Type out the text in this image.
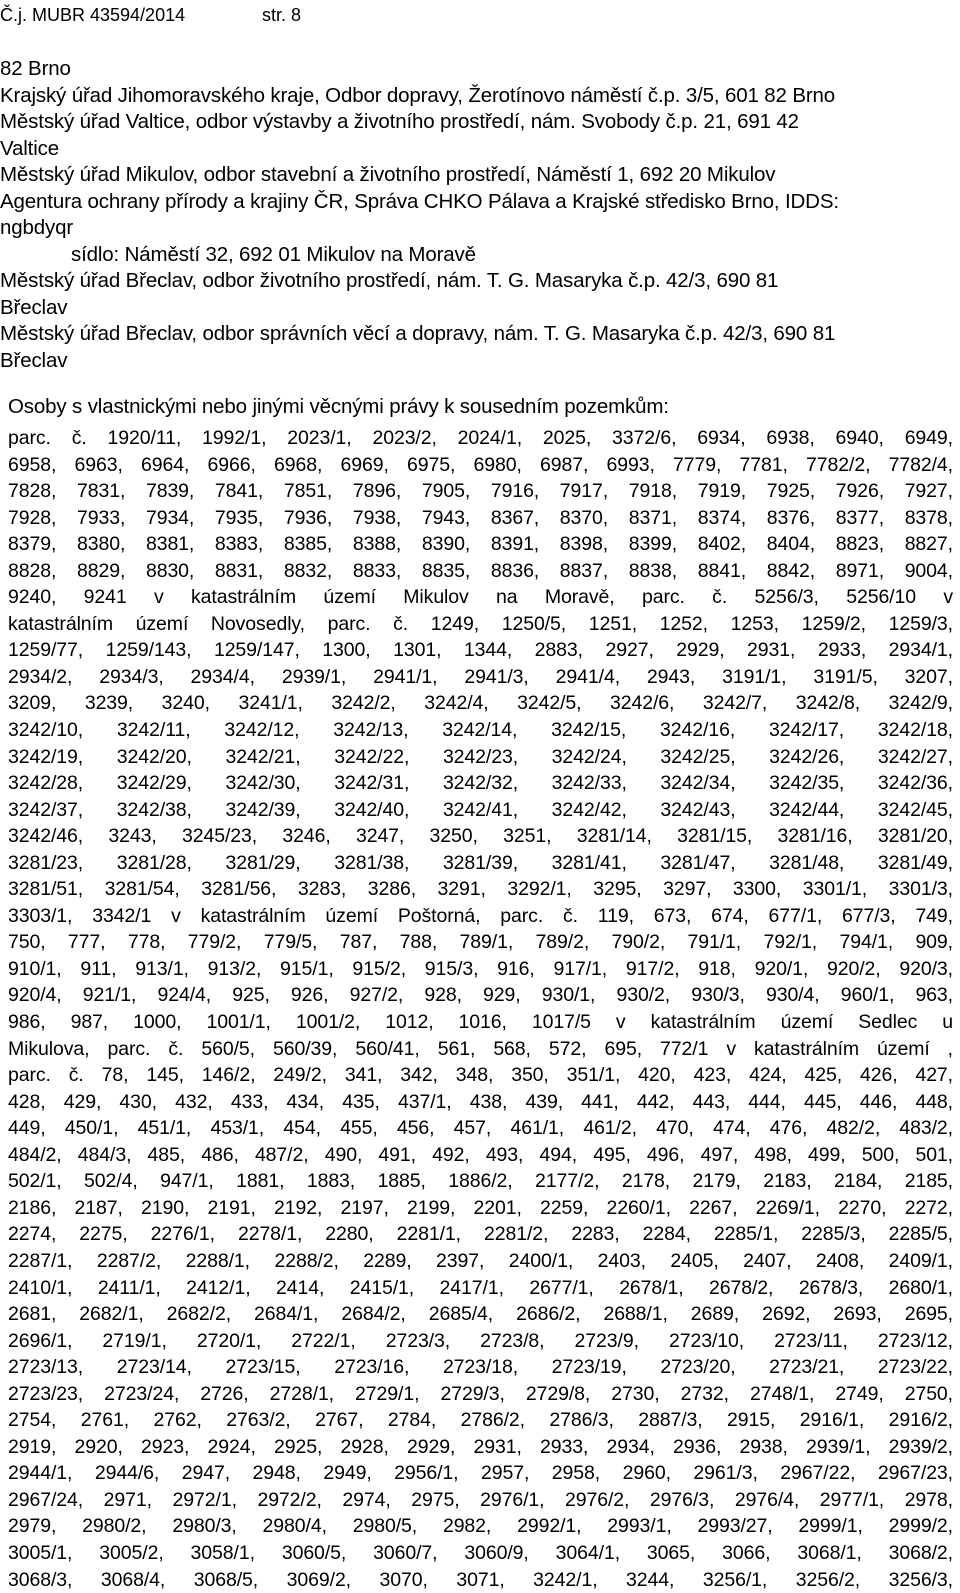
Č.j. MUBR 43594/2014	str. 8
82 Brno
Krajský úřad Jihomoravského kraje, Odbor dopravy, Žerotínovo náměstí č.p. 3/5, 601 82 Brno
Městský úřad Valtice, odbor výstavby a životního prostředí, nám. Svobody č.p. 21, 691 42
Valtice
Městský úřad Mikulov, odbor stavební a životního prostředí, Náměstí 1, 692 20 Mikulov
Agentura ochrany přírody a krajiny ČR, Správa CHKO Pálava a Krajské středisko Brno, IDDS:
ngbdyqr
sídlo: Náměstí 32, 692 01 Mikulov na Moravě
Městský úřad Břeclav, odbor životního prostředí, nám. T. G. Masaryka č.p. 42/3, 690 81
Břeclav
Městský úřad Břeclav, odbor správních věcí a dopravy, nám. T. G. Masaryka č.p. 42/3, 690 81
Břeclav
Osoby s vlastnickými nebo jinými věcnými právy k sousedním pozemkům:
parc. č. 1920/11, 1992/1, 2023/1, 2023/2, 2024/1, 2025, 3372/6, 6934, 6938, 6940, 6949,
6958, 6963, 6964, 6966, 6968, 6969, 6975, 6980, 6987, 6993, 7779, 7781, 7782/2, 7782/4,
7828, 7831, 7839, 7841, 7851, 7896, 7905, 7916, 7917, 7918, 7919, 7925, 7926, 7927,
7928, 7933, 7934, 7935, 7936, 7938, 7943, 8367, 8370, 8371, 8374, 8376, 8377, 8378,
8379, 8380, 8381, 8383, 8385, 8388, 8390, 8391, 8398, 8399, 8402, 8404, 8823, 8827,
8828, 8829, 8830, 8831, 8832, 8833, 8835, 8836, 8837, 8838, 8841, 8842, 8971, 9004,
9240, 9241 v katastrálním území Mikulov na Moravě, parc. č. 5256/3, 5256/10 v
katastrálním území Novosedly, parc. č. 1249, 1250/5, 1251, 1252, 1253, 1259/2, 1259/3,
1259/77, 1259/143, 1259/147, 1300, 1301, 1344, 2883, 2927, 2929, 2931, 2933, 2934/1,
2934/2, 2934/3, 2934/4, 2939/1, 2941/1, 2941/3, 2941/4, 2943, 3191/1, 3191/5, 3207,
3209, 3239, 3240, 3241/1, 3242/2, 3242/4, 3242/5, 3242/6, 3242/7, 3242/8, 3242/9,
3242/10, 3242/11, 3242/12, 3242/13, 3242/14, 3242/15, 3242/16, 3242/17, 3242/18,
3242/19, 3242/20, 3242/21, 3242/22, 3242/23, 3242/24, 3242/25, 3242/26, 3242/27,
3242/28, 3242/29, 3242/30, 3242/31, 3242/32, 3242/33, 3242/34, 3242/35, 3242/36,
3242/37, 3242/38, 3242/39, 3242/40, 3242/41, 3242/42, 3242/43, 3242/44, 3242/45,
3242/46, 3243, 3245/23, 3246, 3247, 3250, 3251, 3281/14, 3281/15, 3281/16, 3281/20,
3281/23, 3281/28, 3281/29, 3281/38, 3281/39, 3281/41, 3281/47, 3281/48, 3281/49,
3281/51, 3281/54, 3281/56, 3283, 3286, 3291, 3292/1, 3295, 3297, 3300, 3301/1, 3301/3,
3303/1, 3342/1 v katastrálním území Poštorná, parc. č. 119, 673, 674, 677/1, 677/3, 749,
750, 777, 778, 779/2, 779/5, 787, 788, 789/1, 789/2, 790/2, 791/1, 792/1, 794/1, 909,
910/1, 911, 913/1, 913/2, 915/1, 915/2, 915/3, 916, 917/1, 917/2, 918, 920/1, 920/2, 920/3,
920/4, 921/1, 924/4, 925, 926, 927/2, 928, 929, 930/1, 930/2, 930/3, 930/4, 960/1, 963,
986, 987, 1000, 1001/1, 1001/2, 1012, 1016, 1017/5 v katastrálním území Sedlec u
Mikulova, parc. č. 560/5, 560/39, 560/41, 561, 568, 572, 695, 772/1 v katastrálním území ,
parc. č. 78, 145, 146/2, 249/2, 341, 342, 348, 350, 351/1, 420, 423, 424, 425, 426, 427,
428, 429, 430, 432, 433, 434, 435, 437/1, 438, 439, 441, 442, 443, 444, 445, 446, 448,
449, 450/1, 451/1, 453/1, 454, 455, 456, 457, 461/1, 461/2, 470, 474, 476, 482/2, 483/2,
484/2, 484/3, 485, 486, 487/2, 490, 491, 492, 493, 494, 495, 496, 497, 498, 499, 500, 501,
502/1, 502/4, 947/1, 1881, 1883, 1885, 1886/2, 2177/2, 2178, 2179, 2183, 2184, 2185,
2186, 2187, 2190, 2191, 2192, 2197, 2199, 2201, 2259, 2260/1, 2267, 2269/1, 2270, 2272,
2274, 2275, 2276/1, 2278/1, 2280, 2281/1, 2281/2, 2283, 2284, 2285/1, 2285/3, 2285/5,
2287/1, 2287/2, 2288/1, 2288/2, 2289, 2397, 2400/1, 2403, 2405, 2407, 2408, 2409/1,
2410/1, 2411/1, 2412/1, 2414, 2415/1, 2417/1, 2677/1, 2678/1, 2678/2, 2678/3, 2680/1,
2681, 2682/1, 2682/2, 2684/1, 2684/2, 2685/4, 2686/2, 2688/1, 2689, 2692, 2693, 2695,
2696/1, 2719/1, 2720/1, 2722/1, 2723/3, 2723/8, 2723/9, 2723/10, 2723/11, 2723/12,
2723/13, 2723/14, 2723/15, 2723/16, 2723/18, 2723/19, 2723/20, 2723/21, 2723/22,
2723/23, 2723/24, 2726, 2728/1, 2729/1, 2729/3, 2729/8, 2730, 2732, 2748/1, 2749, 2750,
2754, 2761, 2762, 2763/2, 2767, 2784, 2786/2, 2786/3, 2887/3, 2915, 2916/1, 2916/2,
2919, 2920, 2923, 2924, 2925, 2928, 2929, 2931, 2933, 2934, 2936, 2938, 2939/1, 2939/2,
2944/1, 2944/6, 2947, 2948, 2949, 2956/1, 2957, 2958, 2960, 2961/3, 2967/22, 2967/23,
2967/24, 2971, 2972/1, 2972/2, 2974, 2975, 2976/1, 2976/2, 2976/3, 2976/4, 2977/1, 2978,
2979, 2980/2, 2980/3, 2980/4, 2980/5, 2982, 2992/1, 2993/1, 2993/27, 2999/1, 2999/2,
3005/1, 3005/2, 3058/1, 3060/5, 3060/7, 3060/9, 3064/1, 3065, 3066, 3068/1, 3068/2,
3068/3, 3068/4, 3068/5, 3069/2, 3070, 3071, 3242/1, 3244, 3256/1, 3256/2, 3256/3,
